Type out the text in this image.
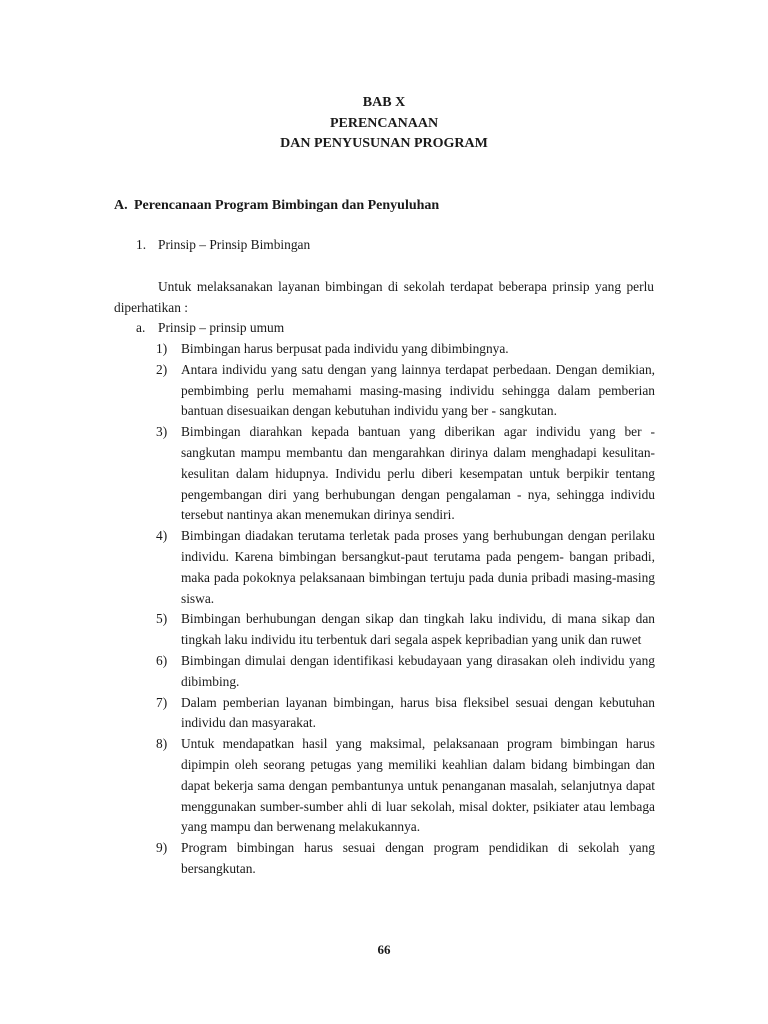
BAB X
PERENCANAAN
DAN PENYUSUNAN PROGRAM
A. Perencanaan Program Bimbingan dan Penyuluhan
1. Prinsip – Prinsip Bimbingan
Untuk melaksanakan layanan bimbingan di sekolah terdapat beberapa prinsip yang perlu diperhatikan :
a. Prinsip – prinsip umum
1) Bimbingan harus berpusat pada individu yang dibimbingnya.
2) Antara individu yang satu dengan yang lainnya terdapat perbedaan. Dengan demikian, pembimbing perlu memahami masing-masing individu sehingga dalam pemberian bantuan disesuaikan dengan kebutuhan individu yang ber - sangkutan.
3) Bimbingan diarahkan kepada bantuan yang diberikan agar individu yang ber - sangkutan mampu membantu dan mengarahkan dirinya dalam menghadapi kesulitan-kesulitan dalam hidupnya. Individu perlu diberi kesempatan untuk berpikir tentang pengembangan diri yang berhubungan dengan pengalaman - nya, sehingga individu tersebut nantinya akan menemukan dirinya sendiri.
4) Bimbingan diadakan terutama terletak pada proses yang berhubungan dengan perilaku individu. Karena bimbingan bersangkut-paut terutama pada pengem- bangan pribadi, maka pada pokoknya pelaksanaan bimbingan tertuju pada dunia pribadi masing-masing siswa.
5) Bimbingan berhubungan dengan sikap dan tingkah laku individu, di mana sikap dan tingkah laku individu itu terbentuk dari segala aspek kepribadian yang unik dan ruwet
6) Bimbingan dimulai dengan identifikasi kebudayaan yang dirasakan oleh individu yang dibimbing.
7) Dalam pemberian layanan bimbingan, harus bisa fleksibel sesuai dengan kebutuhan individu dan masyarakat.
8) Untuk mendapatkan hasil yang maksimal, pelaksanaan program bimbingan harus dipimpin oleh seorang petugas yang memiliki keahlian dalam bidang bimbingan dan dapat bekerja sama dengan pembantunya untuk penanganan masalah, selanjutnya dapat menggunakan sumber-sumber ahli di luar sekolah, misal dokter, psikiater atau lembaga yang mampu dan berwenang melakukannya.
9) Program bimbingan harus sesuai dengan program pendidikan di sekolah yang bersangkutan.
66
